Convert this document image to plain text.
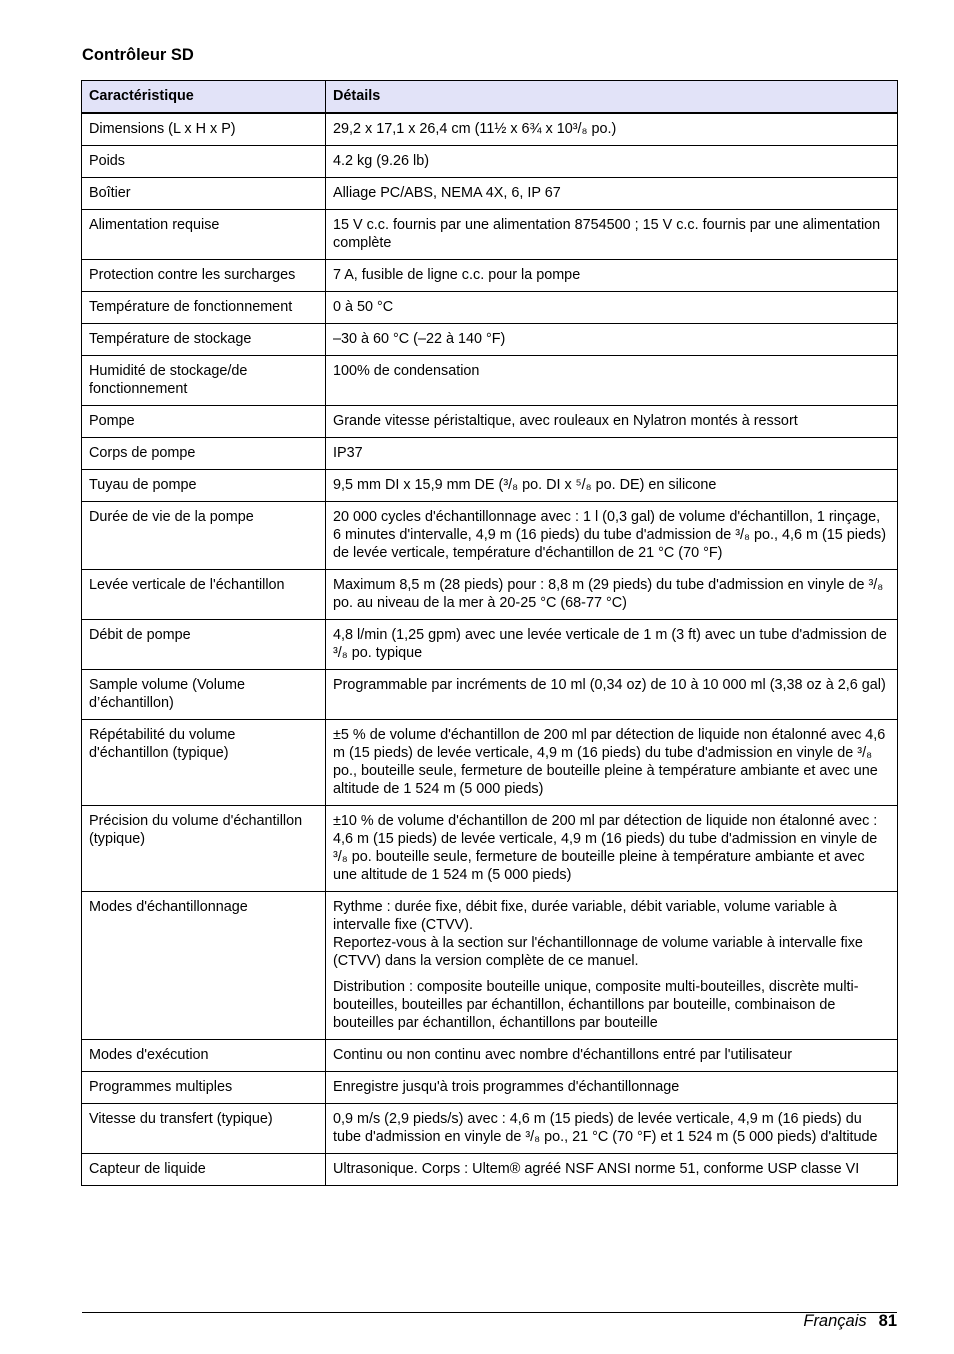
Contrôleur SD
Caractéristique	Détails
Dimensions (L x H x P)	29,2 x 17,1 x 26,4 cm (11½ x 6¾ x 10³/₈ po.)
Poids	4.2 kg (9.26 lb)
Boîtier	Alliage PC/ABS, NEMA 4X, 6, IP 67
Alimentation requise	15 V c.c. fournis par une alimentation 8754500 ; 15 V c.c. fournis par une alimentation complète
Protection contre les surcharges	7 A, fusible de ligne c.c. pour la pompe
Température de fonctionnement	0 à 50 °C
Température de stockage	–30 à 60 °C (–22 à 140 °F)
Humidité de stockage/de fonctionnement	100% de condensation
Pompe	Grande vitesse péristaltique, avec rouleaux en Nylatron montés à ressort
Corps de pompe	IP37
Tuyau de pompe	9,5 mm DI x 15,9 mm DE (³/₈ po. DI x ⁵/₈ po. DE) en silicone
Durée de vie de la pompe	20 000 cycles d'échantillonnage avec : 1 l (0,3 gal) de volume d'échantillon, 1 rinçage, 6 minutes d'intervalle, 4,9 m (16 pieds) du tube d'admission de ³/₈ po., 4,6 m (15 pieds) de levée verticale, température d'échantillon de 21 °C (70 °F)
Levée verticale de l'échantillon	Maximum 8,5 m (28 pieds) pour : 8,8 m (29 pieds) du tube d'admission en vinyle de ³/₈ po. au niveau de la mer à 20-25 °C (68-77 °C)
Débit de pompe	4,8 l/min (1,25 gpm) avec une levée verticale de 1 m (3 ft) avec un tube d'admission de ³/₈ po. typique
Sample volume (Volume d’échantillon)	Programmable par incréments de 10 ml (0,34 oz) de 10 à 10 000 ml (3,38 oz à 2,6 gal)
Répétabilité du volume d'échantillon (typique)	±5 % de volume d'échantillon de 200 ml par détection de liquide non étalonné avec 4,6 m (15 pieds) de levée verticale, 4,9 m (16 pieds) du tube d'admission en vinyle de ³/₈ po., bouteille seule, fermeture de bouteille pleine à température ambiante et avec une altitude de 1 524 m (5 000 pieds)
Précision du volume d'échantillon (typique)	±10 % de volume d'échantillon de 200 ml par détection de liquide non étalonné avec : 4,6 m (15 pieds) de levée verticale, 4,9 m (16 pieds) du tube d'admission en vinyle de ³/₈ po. bouteille seule, fermeture de bouteille pleine à température ambiante et avec une altitude de 1 524 m (5 000 pieds)
Modes d'échantillonnage	Rythme : durée fixe, débit fixe, durée variable, débit variable, volume variable à intervalle fixe (CTVV).
Reportez-vous à la section sur l'échantillonnage de volume variable à intervalle fixe (CTVV) dans la version complète de ce manuel.
Distribution : composite bouteille unique, composite multi-bouteilles, discrète multi-bouteilles, bouteilles par échantillon, échantillons par bouteille, combinaison de bouteilles par échantillon, échantillons par bouteille

Modes d'exécution	Continu ou non continu avec nombre d'échantillons entré par l'utilisateur
Programmes multiples	Enregistre jusqu'à trois programmes d'échantillonnage
Vitesse du transfert (typique)	0,9 m/s (2,9 pieds/s) avec : 4,6 m (15 pieds) de levée verticale, 4,9 m (16 pieds) du tube d'admission en vinyle de ³/₈ po., 21 °C (70 °F) et 1 524 m (5 000 pieds) d'altitude
Capteur de liquide	Ultrasonique. Corps : Ultem® agréé NSF ANSI norme 51, conforme USP classe VI
Français 81
